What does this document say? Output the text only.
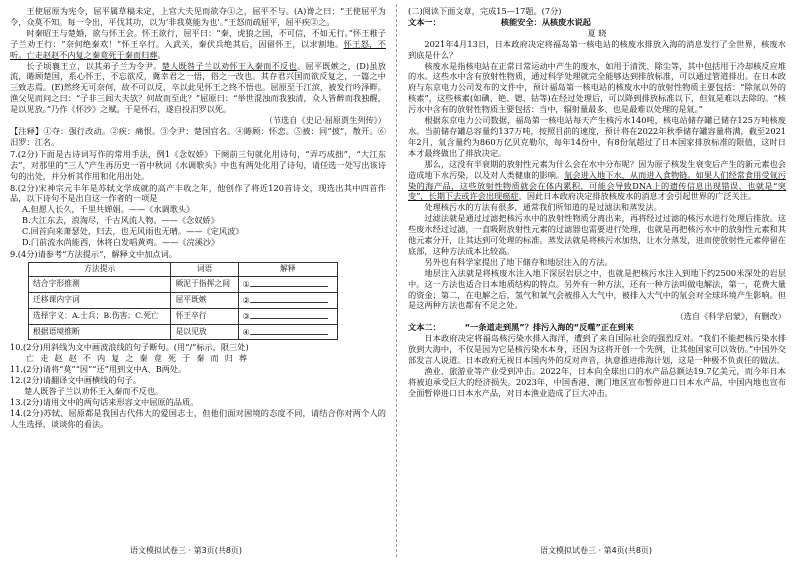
王使屈原为宪令，屈平属草稿未定，上官大夫见而欲夺①之，屈平不与。(A)谗之曰：“王使屈平为令，众莫不知。每一令出，平伐其功，以为‘非我莫能为也’。”王怒而疏屈平，屈平疾②之。

时秦昭王与楚婚，欲与怀王会。怀王欲行，屈平曰：“秦，虎狼之国，不可信，不如无行。”怀王稚子子兰劝王行：“奈何绝秦欢！”怀王卒行。入武关，秦伏兵绝其后，因留怀王，以求割地。怀王怒，不听。亡走赵赵不内复之秦竟死于秦而归葬。

长子顷襄王立，以其弟子兰为令尹。楚人既咎子兰以劝怀王入秦而不反也。屈平既嫉之，(D)虽放流，睠顾楚国，系心怀王，不忘欲反，冀幸君之一悟，俗之一改也。其存君兴国而欲反复之，一篇之中三致志焉。(E)然终无可奈何，故不可以反，卒以此见怀王之终不悟也。屈原至于江滨，被发行吟泽畔。渔父见而问之曰：“子非三闾大夫欤？何故而至此？”屈原曰：“举世混浊而我独清，众人皆醉而我独醒，是以见放。”乃作《怀沙》之赋。于是怀石，遂自投汨罗以死。

（节选自《史记·屈原贾生列传》）

【注释】①夺：强行改动。②疾：痛恨。③令尹：楚国官名。④睠顾：怀恋。⑤被：同“披”，散开。⑥汨罗：江名。

7.(2分)下面是古诗词写作的常用手法，例1《念奴娇》下阕前三句就化用诗句，“弄巧成拙”，“大江东去”，对那里的“三人”产生再历史一首中秋词《水调歌头》中也有两处化用了诗句，请任选一处写出该诗句的出处，并分析其作用和化用出处。

8.(2分)宋神宗元丰年是苏轼文学成就的高产丰收之年，他创作了将近120首诗文，现选出其中四首作品，以下诗句不是出自这一作者的一项是

A.但愿人长久，千里共婵娟。——《水调歌头》

B.大江东去，浪淘尽，千古风流人物。——《念奴娇》

C.回首向来萧瑟处，归去，也无风雨也无晴。——《定风波》

D.门前流水尚能西，休将白发唱黄鸡。——《浣溪沙》

9.(4分)请参考“方法提示”，解释文中加点词。

方法提示	词语	解释
结合字形推测	厥泥于指挥之间	①
迁移课内字词	屈平既嫉	②
选择字义：A.士兵；B.伤害；C.死亡	怀王卒行	③
根据语境推断	是以见放	④

10.(2分)用斜线为文中画波浪线的句子断句。(用“/”标示，限三处)

亡走赵赵不内复之秦竟死于秦而归葬

11.(2分)请将“莫”“因”“还”用到文中A、B两处。

12.(2分)请翻译文中画横线的句子。

楚人既咎子兰以劝怀王入秦而不反也。

13.(2分)请用文中的两句话来形容文中屈原的品质。

14.(2分)苏轼、屈原都是我国古代伟大的爱国志士，但他们面对困境的态度不同，请结合你对两个人的人生选择，谈谈你的看法。

(二)阅读下面文章，完成15—17题。(7分)

文本一：	核能安全：从核废水说起

夏 晓

2021年4月13日，日本政府决定将福岛第一核电站的核废水排放入海的消息发行了全世界，核废水到底是什么？

核废水是指核电站在正常日常运动中产生的废水，如用于清洗、除尘等，其中包括用于冷却核反应堆的水。这些水中含有放射性物质，通过科学处理就完全能够达到排放标准，可以通过管道排出。在日本政府与东京电力公司发布的文件中，预计福岛第一核电站的核废水中的放射性物质主要包括：“除氚以外的核素”，这些核素(如碘、铯、锶、钴等)在经过处理后，可以降到排放标准以下，但氚是难以去除的。“核污水中含有的放射性物质主要包括：当中，辐射量最多、也是最难以处理的是氚。”

根据东京电力公司数据，福岛第一核电站每天产生核污水140吨，核电站储存罐已储存125万吨核废水。当前储存罐总容量约137万吨，按照目前的速度，预计将在2022年秋季储存罐容量将满，截至2021年2月，氚含量约为860万亿贝克勒尔，每年14份中，有8份氚超过了日本国家排放标准的限值，这时日本才最终做出了排放决定。

那么，这没有半衰期的放射性元素为什么会在水中分布呢？因为原子核发生衰变后产生的新元素也会造成地下水污染，以及对人类健康的影响。氚会进入地下水，从而进入食物链。如果人们经常食用受氚污染的海产品，这些放射性物质就会在体内累积，可能会导致DNA上的遗传信息出现错误，也就是“突变”，长期下去或许会出现癌症，因此日本政府决定排放核废水的消息才会引起世界的广泛关注。

处理核污水的方法有很多，通常我们所知道的是过滤法和蒸发法。

过滤法就是通过过滤把核污水中的放射性物质分离出来，再将经过过滤的核污水进行处理后排放。这些废水经过过滤，一直吸附放射性元素的过滤器也需要进行处理，也就是再把核污水中的放射性元素和其他元素分开，让其达到可处理的标准。蒸发法就是将核污水加热，让水分蒸发，进而使放射性元素停留在底部，这种方法成本比较高。

另外也有科学家提出了地下储存和地层注入的方法。

地层注入法就是将核废水注入地下深层岩层之中，也就是把核污水注入到地下约2500米深处的岩层中。这一方法也适合日本地质结构的特点。另外有一种方法，还有一种方法叫做电解法，第一，花费大量的资金；第二，在电解之后，氢气和氧气会被排入大气中，被排入大气中的氚会对全球环境产生影响。但是这两种方法也都有不足之处。

（选自《科学启蒙》，有删改）

文本二：	“一条道走到黑”？排污入海的“反噬”正在到来

日本政府决定将福岛核污染水排入海洋，遭到了来自国际社会的强烈反对。“我们不能把核污染水排放到大海中，不仅是因为它是核污染水本身，还因为这将开创一个先例，让其他国家可以效仿。”中国外交部发言人说道。日本政府无视日本国内外的反对声音，执意推进排海计划，这是一种极不负责任的做法。

渔业、旅游业等产业受到冲击。2022年，日本向全球出口的水产品总额达19.7亿美元，而今年日本将被迫承受巨大的经济损失。2023年，中国香港、澳门地区宣布暂停进口日本水产品，中国内地也宣布全面暂停进口日本水产品，对日本渔业造成了巨大冲击。

语文模拟试卷三 · 第3页(共8页)	语文模拟试卷三 · 第4页(共8页)
